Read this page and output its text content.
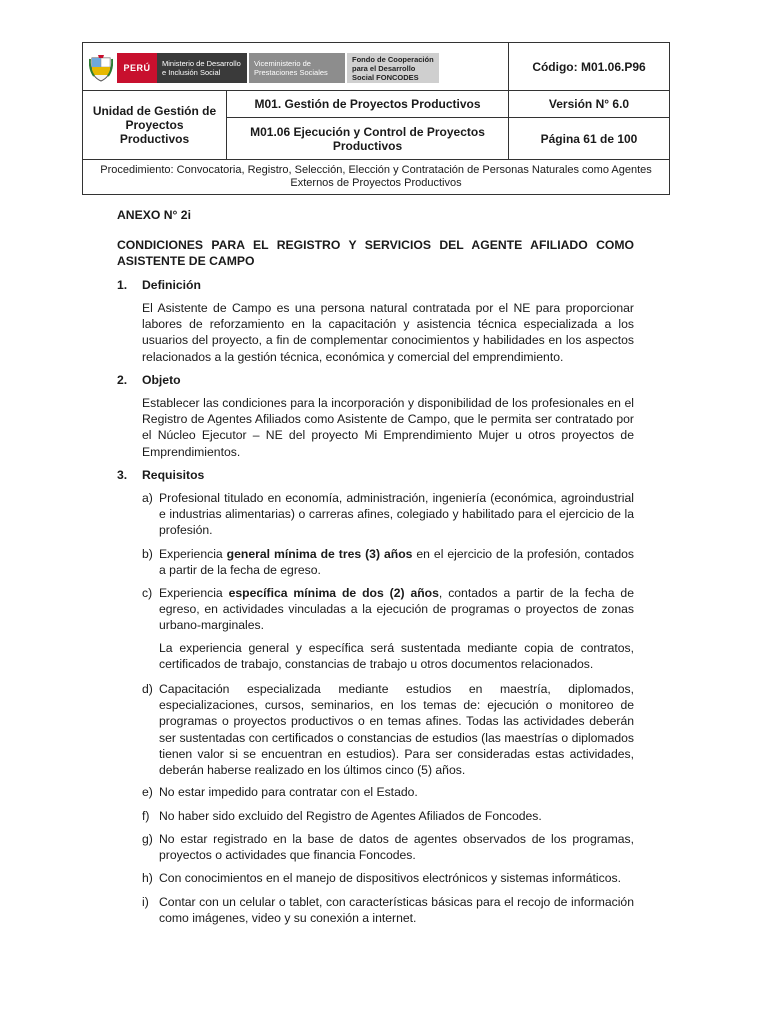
PERÚ	Ministerio de Desarrollo e Inclusión Social
Viceministerio de Prestaciones Sociales
Fondo de Cooperación para el Desarrollo Social FONCODES
Código: M01.06.P96
Unidad de Gestión de Proyectos Productivos
M01. Gestión de Proyectos Productivos	Versión N° 6.0
M01.06 Ejecución y Control de Proyectos Productivos	Página 61 de 100
Procedimiento: Convocatoria, Registro, Selección, Elección y Contratación de Personas Naturales como Agentes Externos de Proyectos Productivos
ANEXO N° 2i
CONDICIONES PARA EL REGISTRO Y SERVICIOS DEL AGENTE AFILIADO COMO ASISTENTE DE CAMPO
1. Definición
El Asistente de Campo es una persona natural contratada por el NE para proporcionar labores de reforzamiento en la capacitación y asistencia técnica especializada a los usuarios del proyecto, a fin de complementar conocimientos y habilidades en los aspectos relacionados a la gestión técnica, económica y comercial del emprendimiento.
2. Objeto
Establecer las condiciones para la incorporación y disponibilidad de los profesionales en el Registro de Agentes Afiliados como Asistente de Campo, que le permita ser contratado por el Núcleo Ejecutor – NE del proyecto Mi Emprendimiento Mujer u otros proyectos de Emprendimientos.
3. Requisitos
a) Profesional titulado en economía, administración, ingeniería (económica, agroindustrial e industrias alimentarias) o carreras afines, colegiado y habilitado para el ejercicio de la profesión.
b) Experiencia general mínima de tres (3) años en el ejercicio de la profesión, contados a partir de la fecha de egreso.
c) Experiencia específica mínima de dos (2) años, contados a partir de la fecha de egreso, en actividades vinculadas a la ejecución de programas o proyectos de zonas urbano-marginales.
La experiencia general y específica será sustentada mediante copia de contratos, certificados de trabajo, constancias de trabajo u otros documentos relacionados.
d) Capacitación especializada mediante estudios en maestría, diplomados, especializaciones, cursos, seminarios, en los temas de: ejecución o monitoreo de programas o proyectos productivos o en temas afines. Todas las actividades deberán ser sustentadas con certificados o constancias de estudios (las maestrías o diplomados tienen valor si se encuentran en estudios). Para ser consideradas estas actividades, deberán haberse realizado en los últimos cinco (5) años.
e) No estar impedido para contratar con el Estado.
f) No haber sido excluido del Registro de Agentes Afiliados de Foncodes.
g) No estar registrado en la base de datos de agentes observados de los programas, proyectos o actividades que financia Foncodes.
h) Con conocimientos en el manejo de dispositivos electrónicos y sistemas informáticos.
i) Contar con un celular o tablet, con características básicas para el recojo de información como imágenes, video y su conexión a internet.
